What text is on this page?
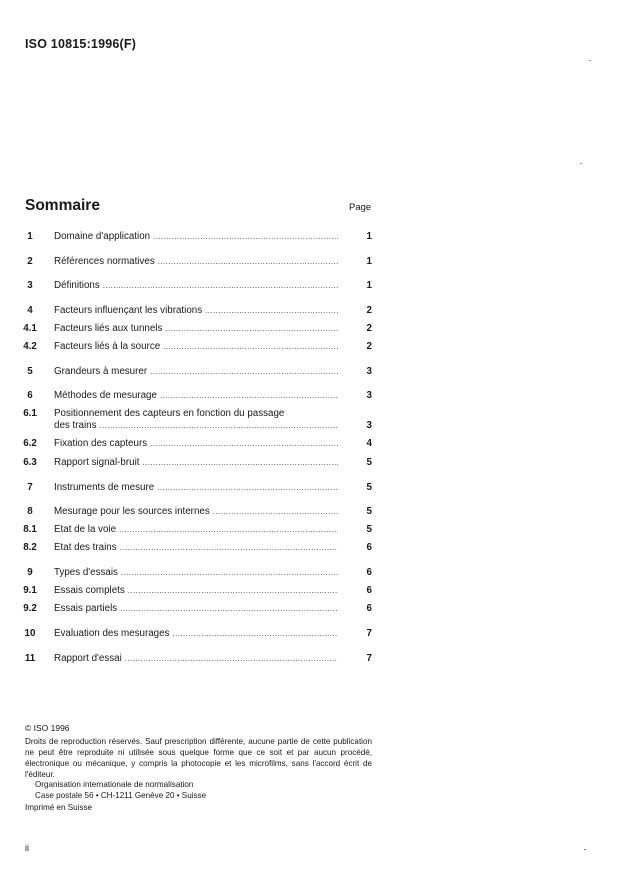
ISO 10815:1996(F)
Sommaire	Page
1	Domaine d'application .....	1
2	Références normatives .....	1
3	Définitions .....	1
4	Facteurs influençant les vibrations .....	2
4.1	Facteurs liés aux tunnels .....	2
4.2	Facteurs liés à la source .....	2
5	Grandeurs à mesurer .....	3
6	Méthodes de mesurage .....	3
6.1	Positionnement des capteurs en fonction du passage
des trains .....	3
6.2	Fixation des capteurs .....	4
6.3	Rapport signal-bruit .....	5
7	Instruments de mesure .....	5
8	Mesurage pour les sources internes .....	5
8.1	État de la voie .....	5
8.2	État des trains .....	6
9	Types d'essais .....	6
9.1	Essais complets .....	6
9.2	Essais partiels .....	6
10	Évaluation des mesurages .....	7
11	Rapport d'essai .....	7
© ISO 1996

Droits de reproduction réservés. Sauf prescription différente, aucune partie de cette publication ne peut être reproduite ni utilisée sous quelque forme que ce soit et par aucun procédé, électronique ou mécanique, y compris la photocopie et les microfilms, sans l'accord écrit de l'éditeur.

Organisation internationale de normalisation
Case postale 56 • CH-1211 Genève 20 • Suisse
Imprimé en Suisse
ii
